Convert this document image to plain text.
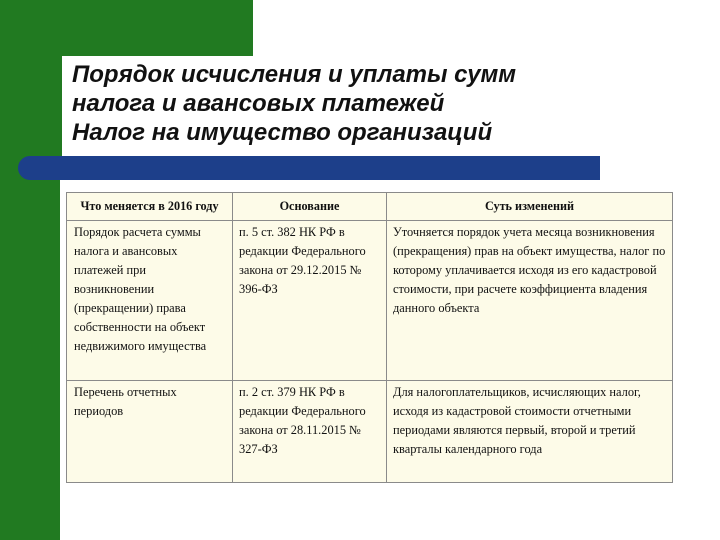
Порядок исчисления и уплаты сумм
налога и авансовых платежей
Налог на имущество организаций
Что меняется в 2016 году	Основание	Суть изменений
Порядок расчета суммы налога и авансовых платежей при возникновении (прекращении) права собственности на объект недвижимого имущества	п. 5 ст. 382 НК РФ в редакции Федерального закона от 29.12.2015 № 396-ФЗ	Уточняется порядок учета месяца возникновения (прекращения) прав на объект имущества, налог по которому уплачивается исходя из его кадастровой стоимости, при расчете коэффициента владения данного объекта
Перечень отчетных периодов	п. 2 ст. 379 НК РФ в редакции Федерального закона от 28.11.2015 № 327-ФЗ	Для налогоплательщиков, исчисляющих налог, исходя из кадастровой стоимости отчетными периодами являются первый, второй и третий кварталы календарного года
